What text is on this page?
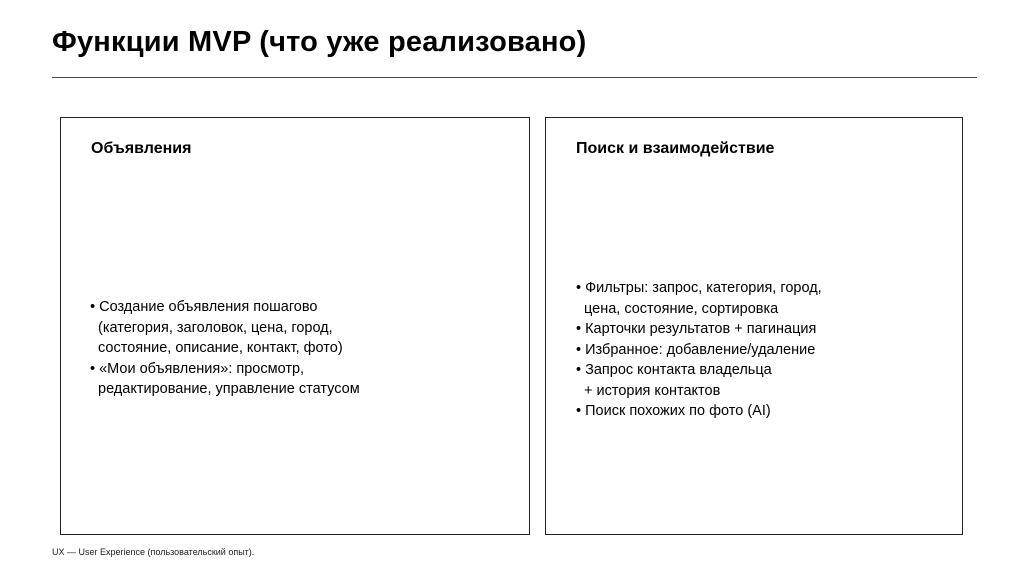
Функции MVP (что уже реализовано)
Объявления
• Создание объявления пошагово
(категория, заголовок, цена, город,
состояние, описание, контакт, фото)
• «Мои объявления»: просмотр,
редактирование, управление статусом
Поиск и взаимодействие
• Фильтры: запрос, категория, город,
цена, состояние, сортировка
• Карточки результатов + пагинация
• Избранное: добавление/удаление
• Запрос контакта владельца
+ история контактов
• Поиск похожих по фото (AI)
UX — User Experience (пользовательский опыт).
